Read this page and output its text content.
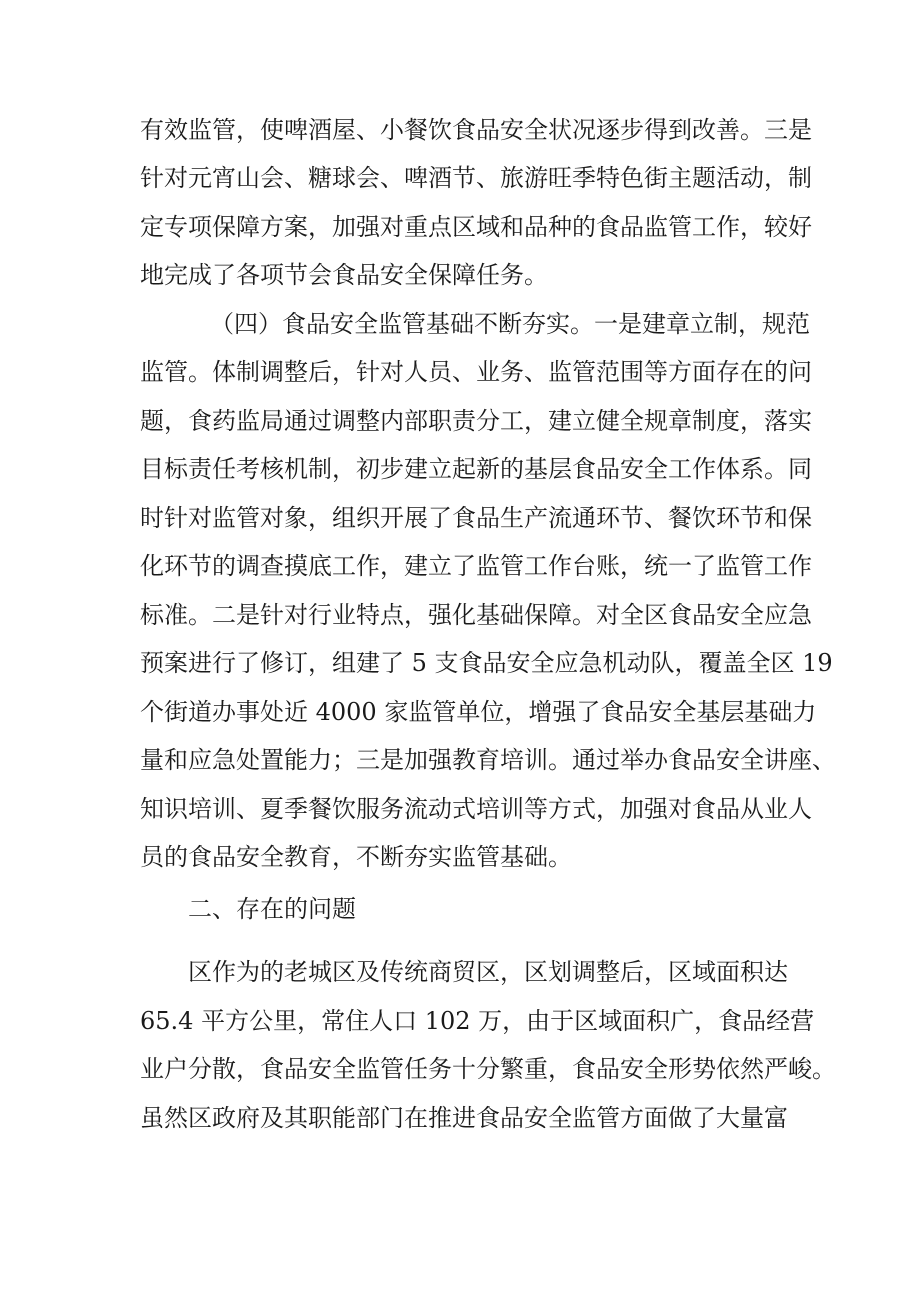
有效监管，使啤酒屋、小餐饮食品安全状况逐步得到改善。三是
针对元宵山会、糖球会、啤酒节、旅游旺季特色街主题活动，制
定专项保障方案，加强对重点区域和品种的食品监管工作，较好
地完成了各项节会食品安全保障任务。
（四）食品安全监管基础不断夯实。一是建章立制，规范
监管。体制调整后，针对人员、业务、监管范围等方面存在的问
题，食药监局通过调整内部职责分工，建立健全规章制度，落实
目标责任考核机制，初步建立起新的基层食品安全工作体系。同
时针对监管对象，组织开展了食品生产流通环节、餐饮环节和保
化环节的调查摸底工作，建立了监管工作台账，统一了监管工作
标准。二是针对行业特点，强化基础保障。对全区食品安全应急
预案进行了修订，组建了 5 支食品安全应急机动队，覆盖全区 19
个街道办事处近 4000 家监管单位，增强了食品安全基层基础力
量和应急处置能力；三是加强教育培训。通过举办食品安全讲座、
知识培训、夏季餐饮服务流动式培训等方式，加强对食品从业人
员的食品安全教育，不断夯实监管基础。
二、存在的问题
区作为的老城区及传统商贸区，区划调整后，区域面积达
65.4 平方公里，常住人口 102 万，由于区域面积广，食品经营
业户分散，食品安全监管任务十分繁重，食品安全形势依然严峻。
虽然区政府及其职能部门在推进食品安全监管方面做了大量富
